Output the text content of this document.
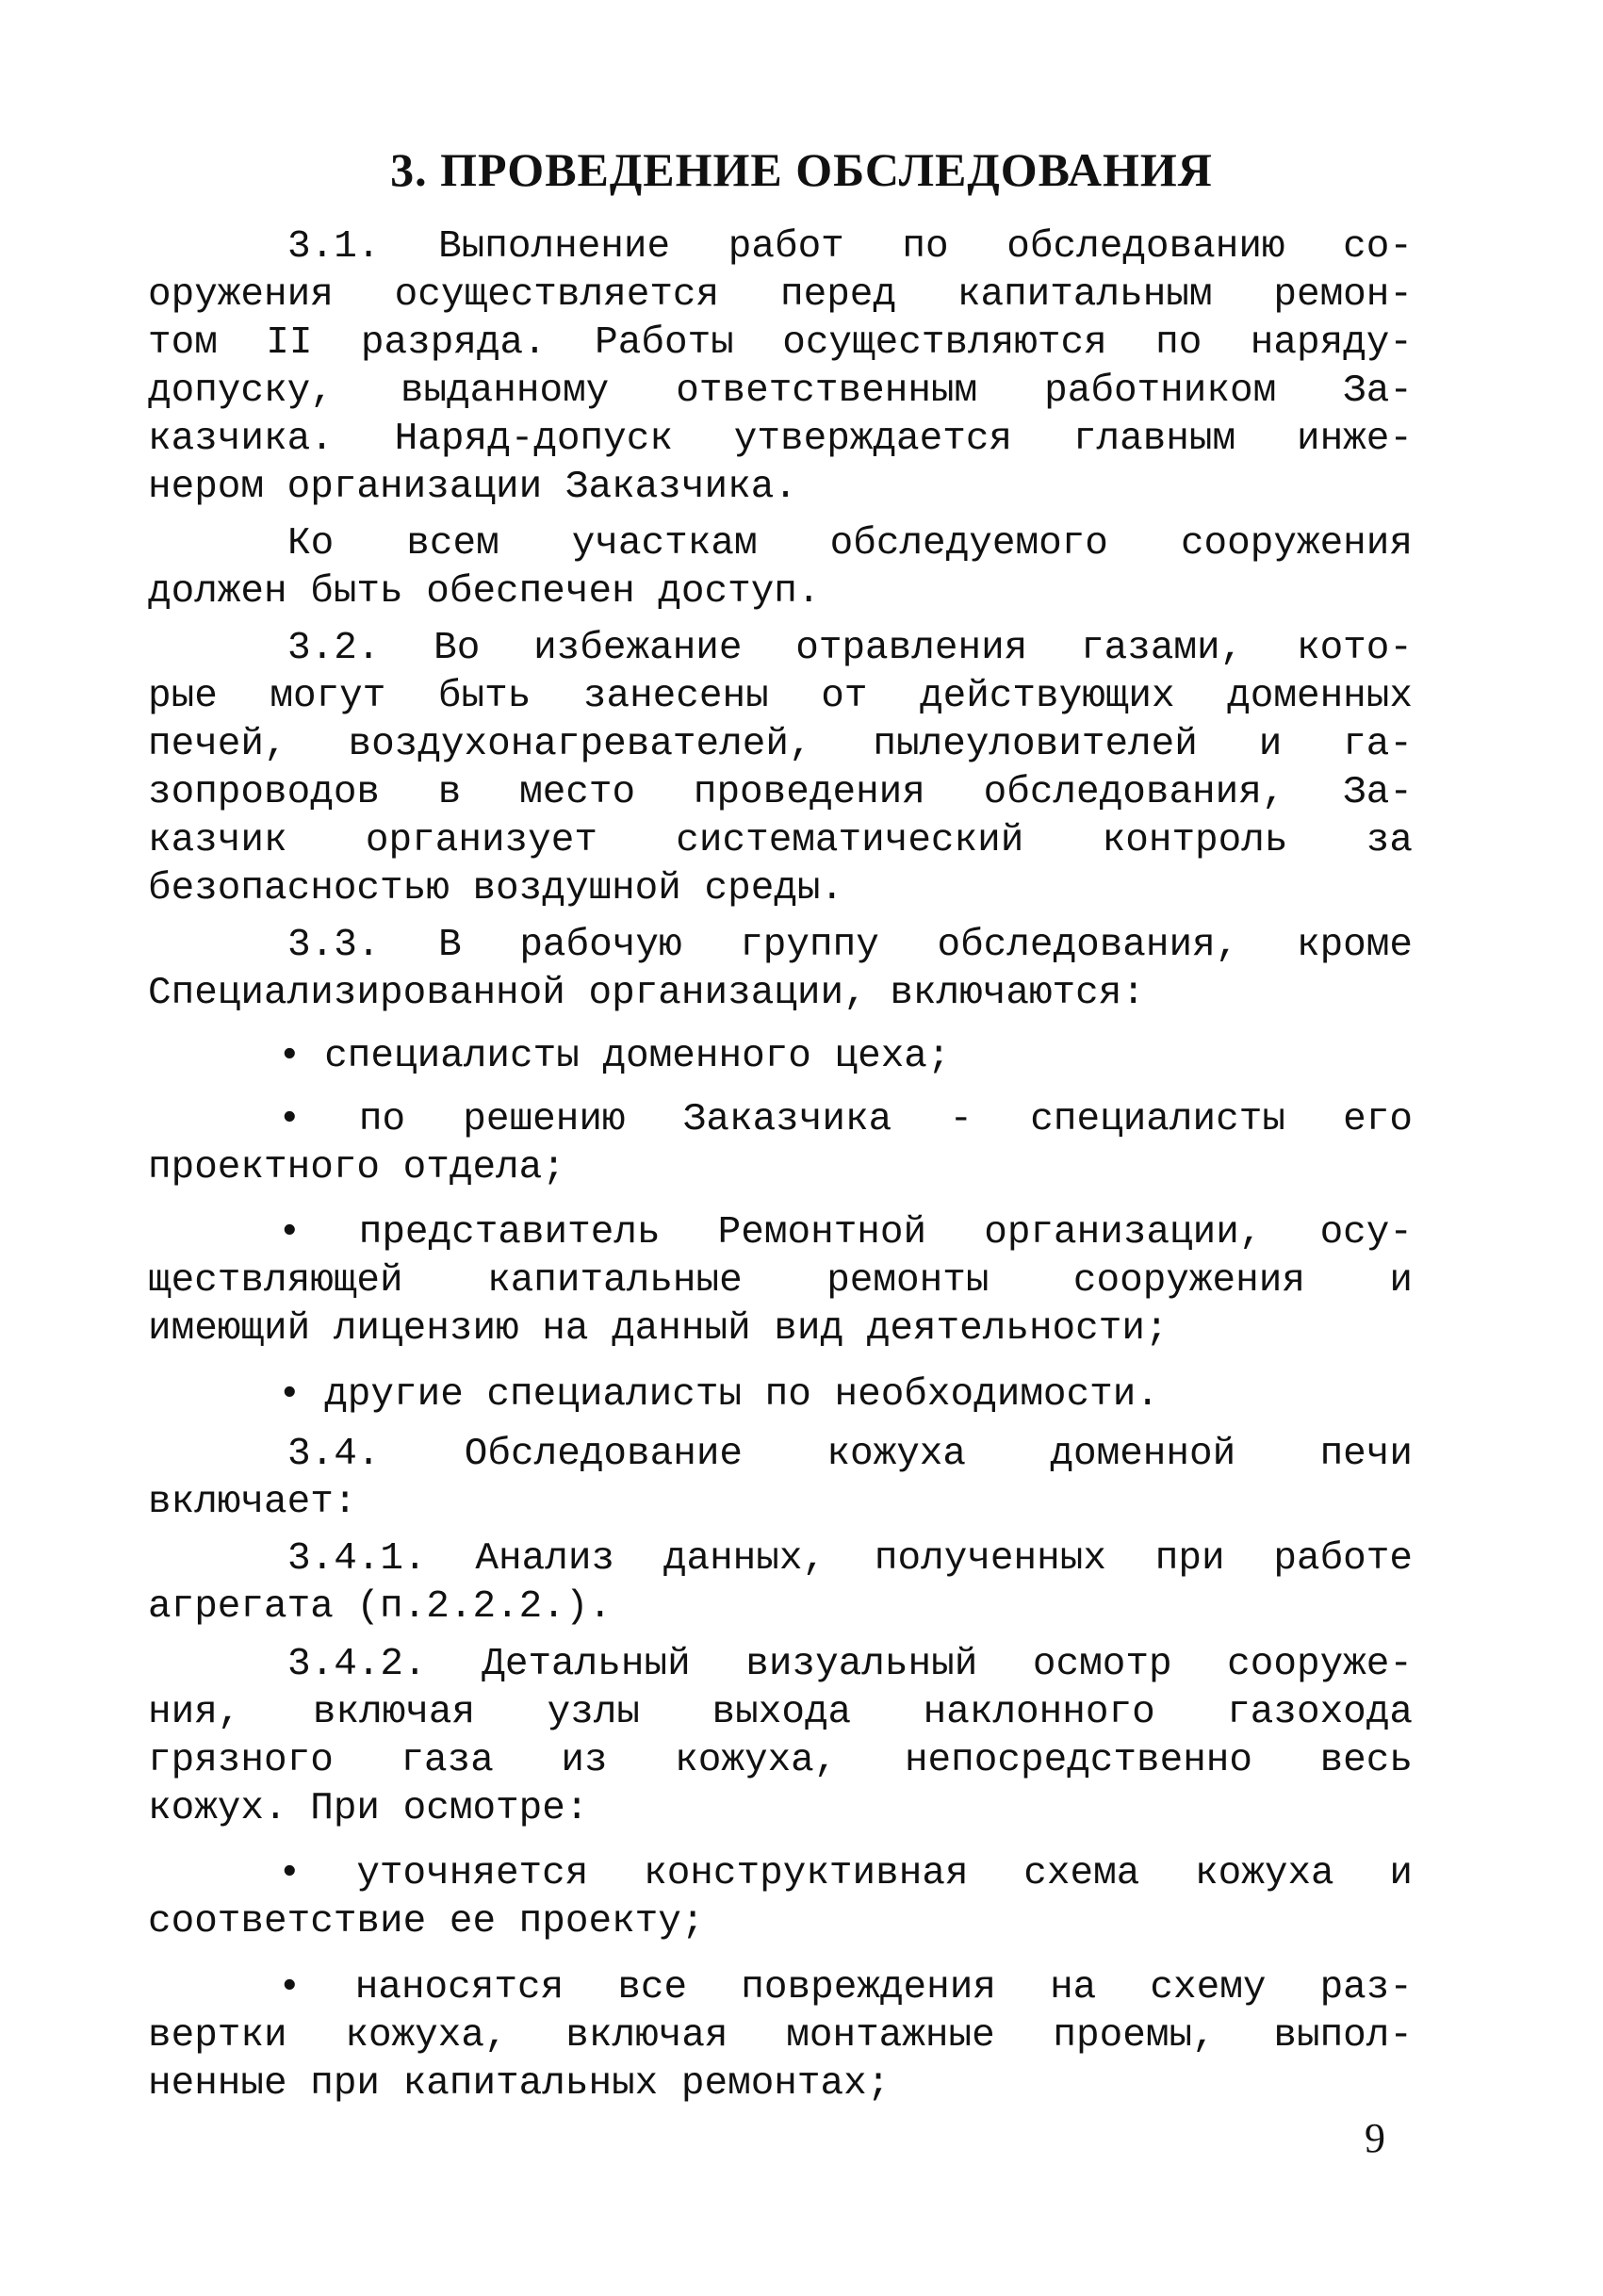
3. ПРОВЕДЕНИЕ ОБСЛЕДОВАНИЯ
3.1. Выполнение работ по обследованию со-
оружения осуществляется перед капитальным ремон-
том II разряда. Работы осуществляются по наряду-
допуску, выданному ответственным работником За-
казчика. Наряд-допуск утверждается главным инже-
нером организации Заказчика.
Ко всем участкам обследуемого сооружения
должен быть обеспечен доступ.
3.2. Во избежание отравления газами, кото-
рые могут быть занесены от действующих доменных
печей, воздухонагревателей, пылеуловителей и га-
зопроводов в место проведения обследования, За-
казчик организует систематический контроль за
безопасностью воздушной среды.
3.3. В рабочую группу обследования, кроме
Специализированной организации, включаются:
• специалисты доменного цеха;
• по решению Заказчика - специалисты его
проектного отдела;
• представитель Ремонтной организации, осу-
ществляющей капитальные ремонты сооружения и
имеющий лицензию на данный вид деятельности;
• другие специалисты по необходимости.
3.4. Обследование кожуха доменной печи
включает:
3.4.1. Анализ данных, полученных при работе
агрегата (п.2.2.2.).
3.4.2. Детальный визуальный осмотр сооруже-
ния, включая узлы выхода наклонного газохода
грязного газа из кожуха, непосредственно весь
кожух. При осмотре:
• уточняется конструктивная схема кожуха и
соответствие ее проекту;
• наносятся все повреждения на схему раз-
вертки кожуха, включая монтажные проемы, выпол-
ненные при капитальных ремонтах;
9
